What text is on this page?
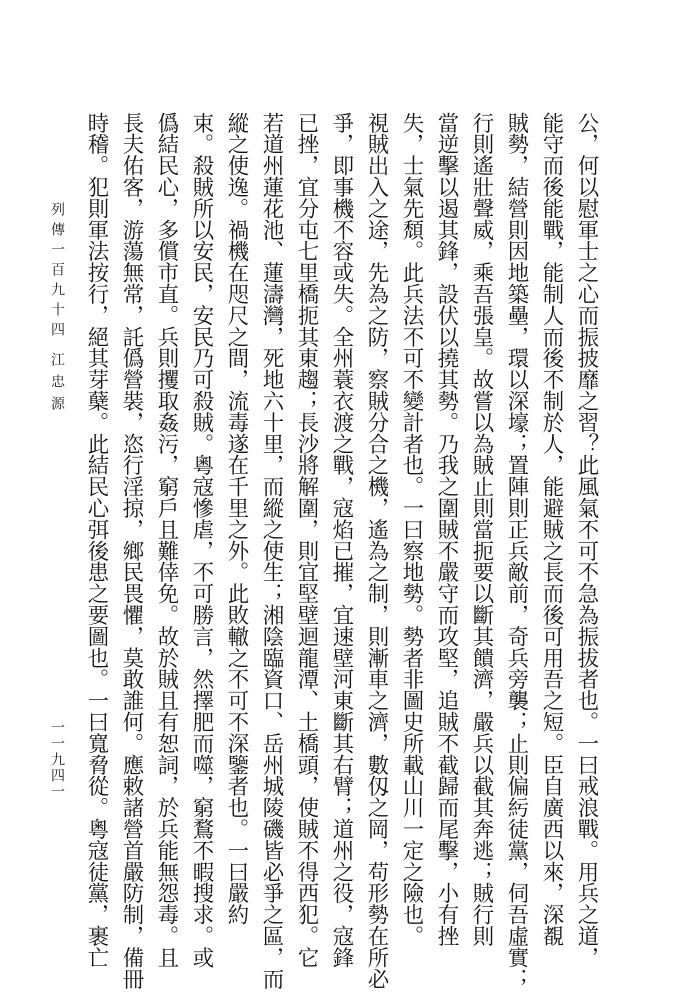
公，何以慰軍士之心而振披靡之習？此風氣不可不急為振拔者也。一曰戒浪戰。用兵之道，
能守而後能戰，能制人而後不制於人，能避賊之長而後可用吾之短。臣自廣西以來，深覩
賊勢，結營則因地築壘，環以深壕；置陣則正兵敵前，奇兵旁襲；止則偏䊸徒黨，伺吾虛實；
行則遙壯聲威，乘吾張皇。故嘗以為賊止則當扼要以斷其饋濟，嚴兵以截其奔逃；賊行則
當逆擊以遏其鋒，設伏以撓其勢。乃我之圍賊不嚴守而攻堅，追賊不截歸而尾擊，小有挫
失，士氣先頹。此兵法不可不變計者也。一曰察地勢。勢者非圖史所載山川一定之險也。
視賊出入之途，先為之防，察賊分合之機，遙為之制，則漸車之濟，數仭之岡，苟形勢在所必
爭，即事機不容或失。全州蓑衣渡之戰，寇焰已摧，宜速壁河東斷其右臂；道州之役，寇鋒
已挫，宜分屯七里橋扼其東趨；長沙將解圍，則宜堅壁迴龍潭、土橋頭，使賊不得西犯。它
若道州蓮花池、蓮濤灣，死地六十里，而縱之使生；湘陰臨資口、岳州城陵磯皆必爭之區，而
縱之使逸。禍機在咫尺之間，流毒遂在千里之外。此敗轍之不可不深鑒者也。一曰嚴約
束。殺賊所以安民，安民乃可殺賊。粵寇慘虐，不可勝言，然擇肥而噬，窮鶩不暇搜求。或
僞結民心，多償市直。兵則攫取姦污，窮戶且難倖免。故於賊且有恕詞，於兵能無怨毒。且
長夫佑客，游蕩無常，託僞營裝，恣行淫掠，鄉民畏懼，莫敢誰何。應敕諸營首嚴防制，備冊
時稽。犯則軍法按行，絕其芽蘖。此結民心弭後患之要圖也。一曰寬脅從。粵寇徒黨，裹亡
列傳一百九十四
江忠源
一一九四一
